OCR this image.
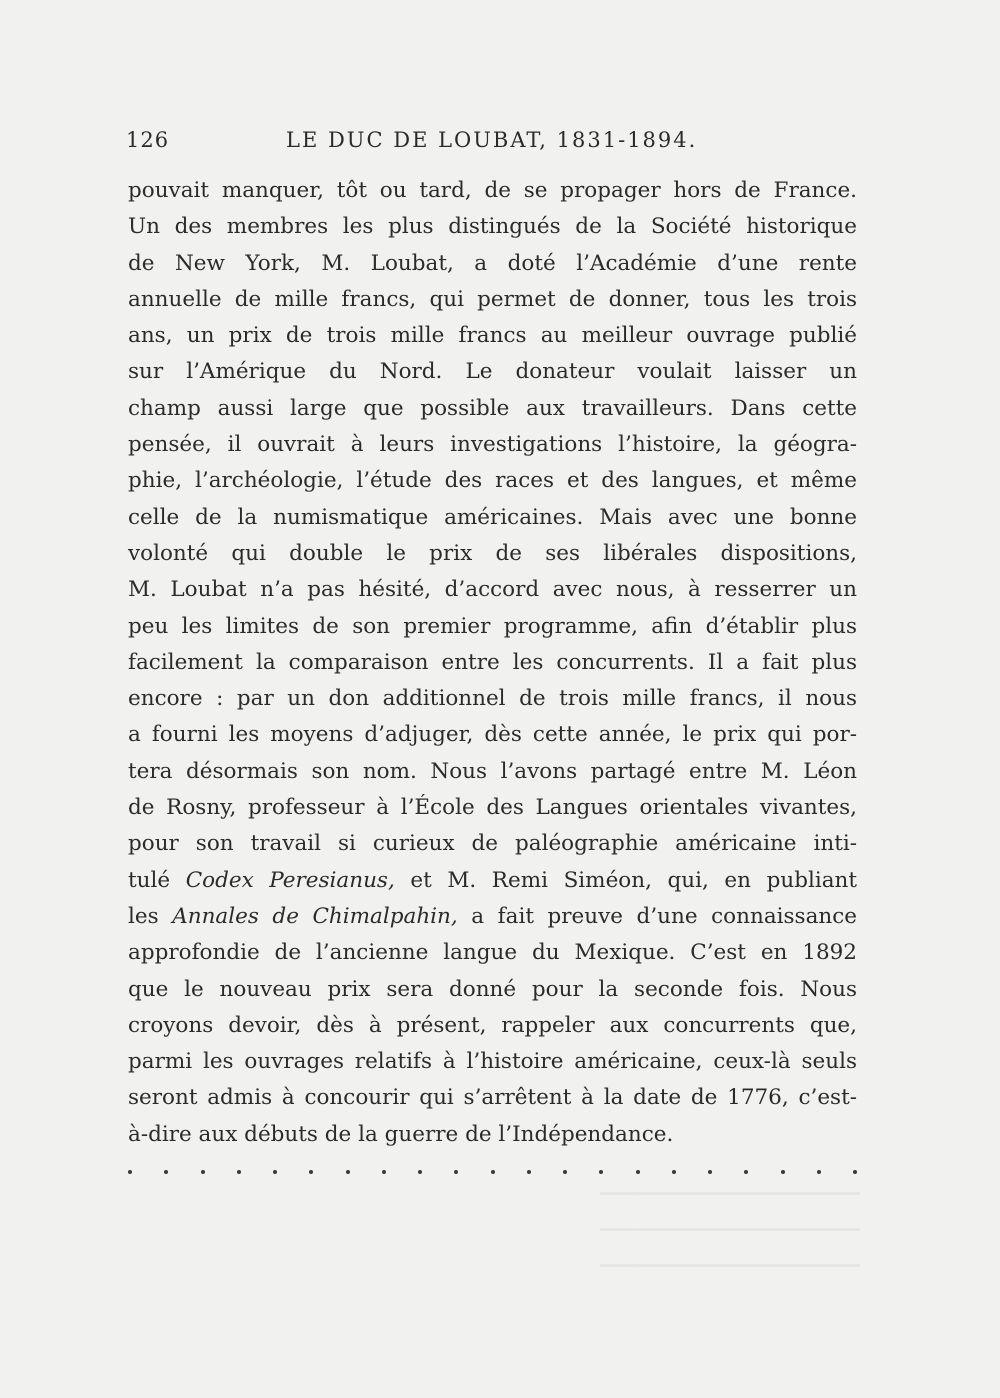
126	LE DUC DE LOUBAT, 1831-1894.
pouvait manquer, tôt ou tard, de se propager hors de France.
Un des membres les plus distingués de la Société historique
de New York, M. Loubat, a doté l’Académie d’une rente
annuelle de mille francs, qui permet de donner, tous les trois
ans, un prix de trois mille francs au meilleur ouvrage publié
sur l’Amérique du Nord. Le donateur voulait laisser un
champ aussi large que possible aux travailleurs. Dans cette
pensée, il ouvrait à leurs investigations l’histoire, la géogra-
phie, l’archéologie, l’étude des races et des langues, et même
celle de la numismatique américaines. Mais avec une bonne
volonté qui double le prix de ses libérales dispositions,
M. Loubat n’a pas hésité, d’accord avec nous, à resserrer un
peu les limites de son premier programme, afin d’établir plus
facilement la comparaison entre les concurrents. Il a fait plus
encore : par un don additionnel de trois mille francs, il nous
a fourni les moyens d’adjuger, dès cette année, le prix qui por-
tera désormais son nom. Nous l’avons partagé entre M. Léon
de Rosny, professeur à l’École des Langues orientales vivantes,
pour son travail si curieux de paléographie américaine inti-
tulé Codex Peresianus, et M. Remi Siméon, qui, en publiant
les Annales de Chimalpahin, a fait preuve d’une connaissance
approfondie de l’ancienne langue du Mexique. C’est en 1892
que le nouveau prix sera donné pour la seconde fois. Nous
croyons devoir, dès à présent, rappeler aux concurrents que,
parmi les ouvrages relatifs à l’histoire américaine, ceux-là seuls
seront admis à concourir qui s’arrêtent à la date de 1776, c’est-
à-dire aux débuts de la guerre de l’Indépendance.
